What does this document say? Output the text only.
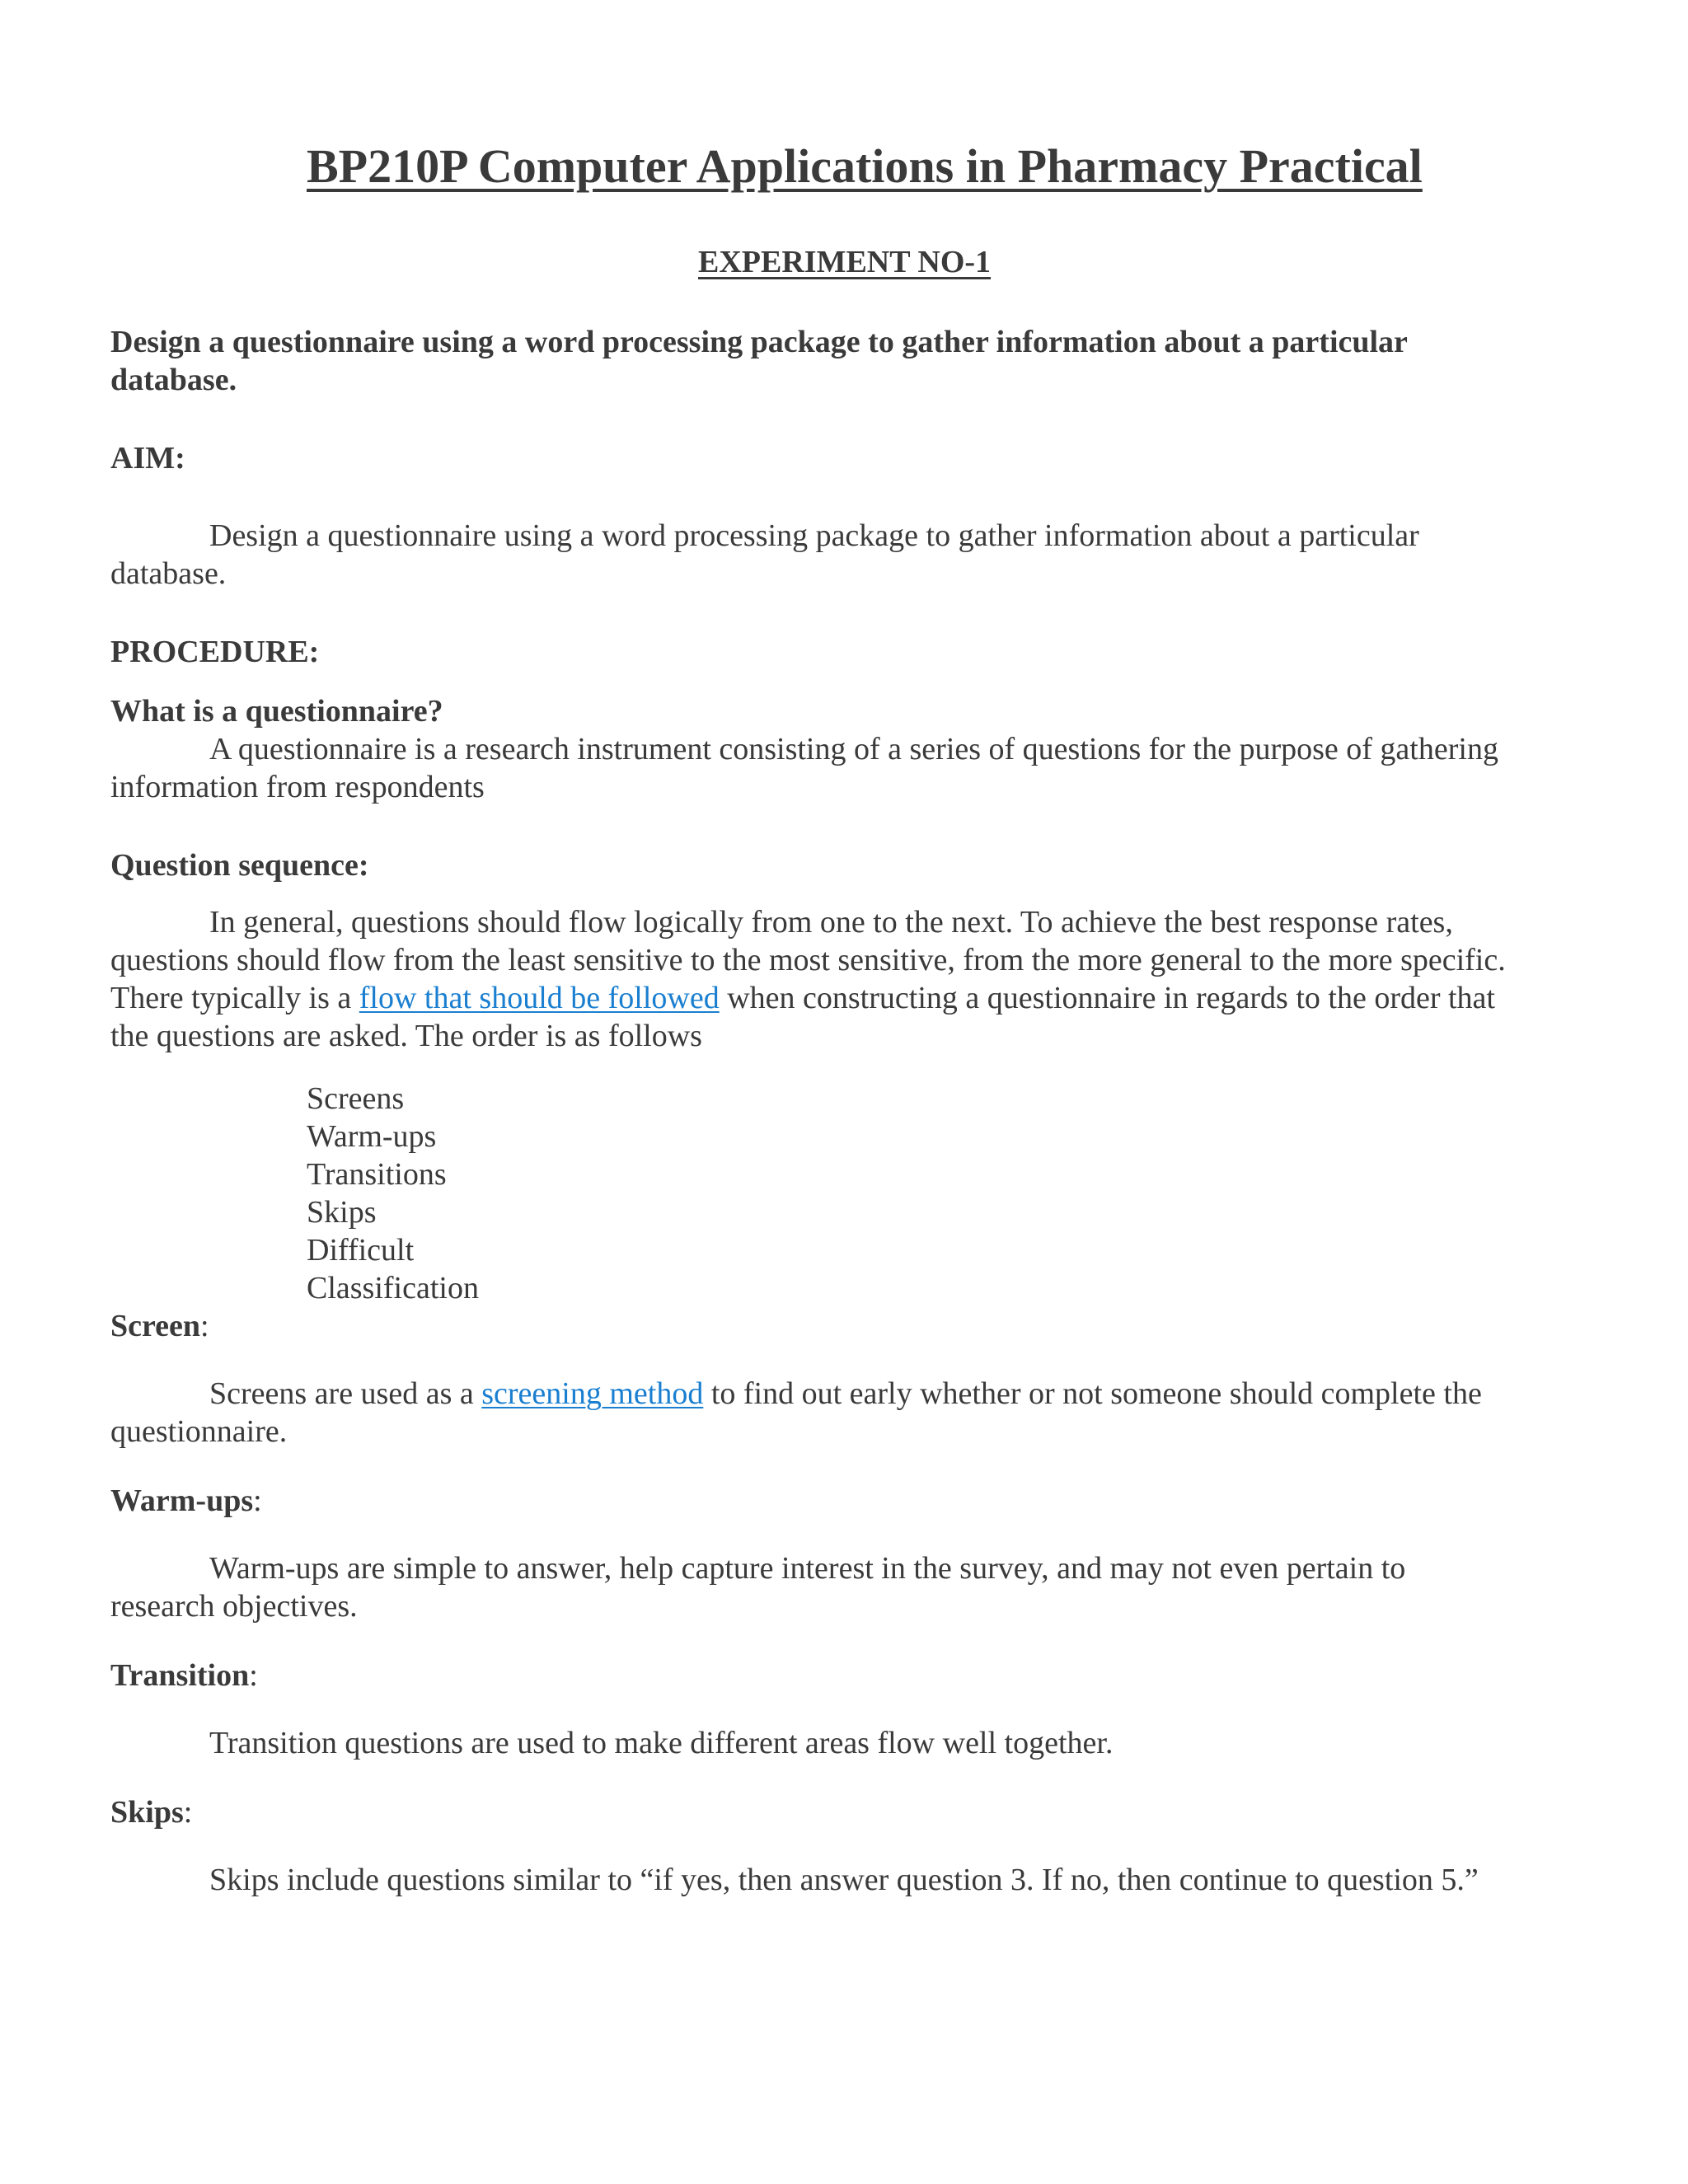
BP210P Computer Applications in Pharmacy Practical
EXPERIMENT NO-1
Design a questionnaire using a word processing package to gather information about a particular
database.
AIM:
Design a questionnaire using a word processing package to gather information about a particular
database.
PROCEDURE:
What is a questionnaire?
A questionnaire is a research instrument consisting of a series of questions for the purpose of gathering
information from respondents
Question sequence:
In general, questions should flow logically from one to the next. To achieve the best response rates,
questions should flow from the least sensitive to the most sensitive, from the more general to the more specific.
There typically is a flow that should be followed when constructing a questionnaire in regards to the order that
the questions are asked. The order is as follows
Screens
Warm-ups
Transitions
Skips
Difficult
Classification
Screen:
Screens are used as a screening method to find out early whether or not someone should complete the
questionnaire.
Warm-ups:
Warm-ups are simple to answer, help capture interest in the survey, and may not even pertain to
research objectives.
Transition:
Transition questions are used to make different areas flow well together.
Skips:
Skips include questions similar to “if yes, then answer question 3. If no, then continue to question 5.”
